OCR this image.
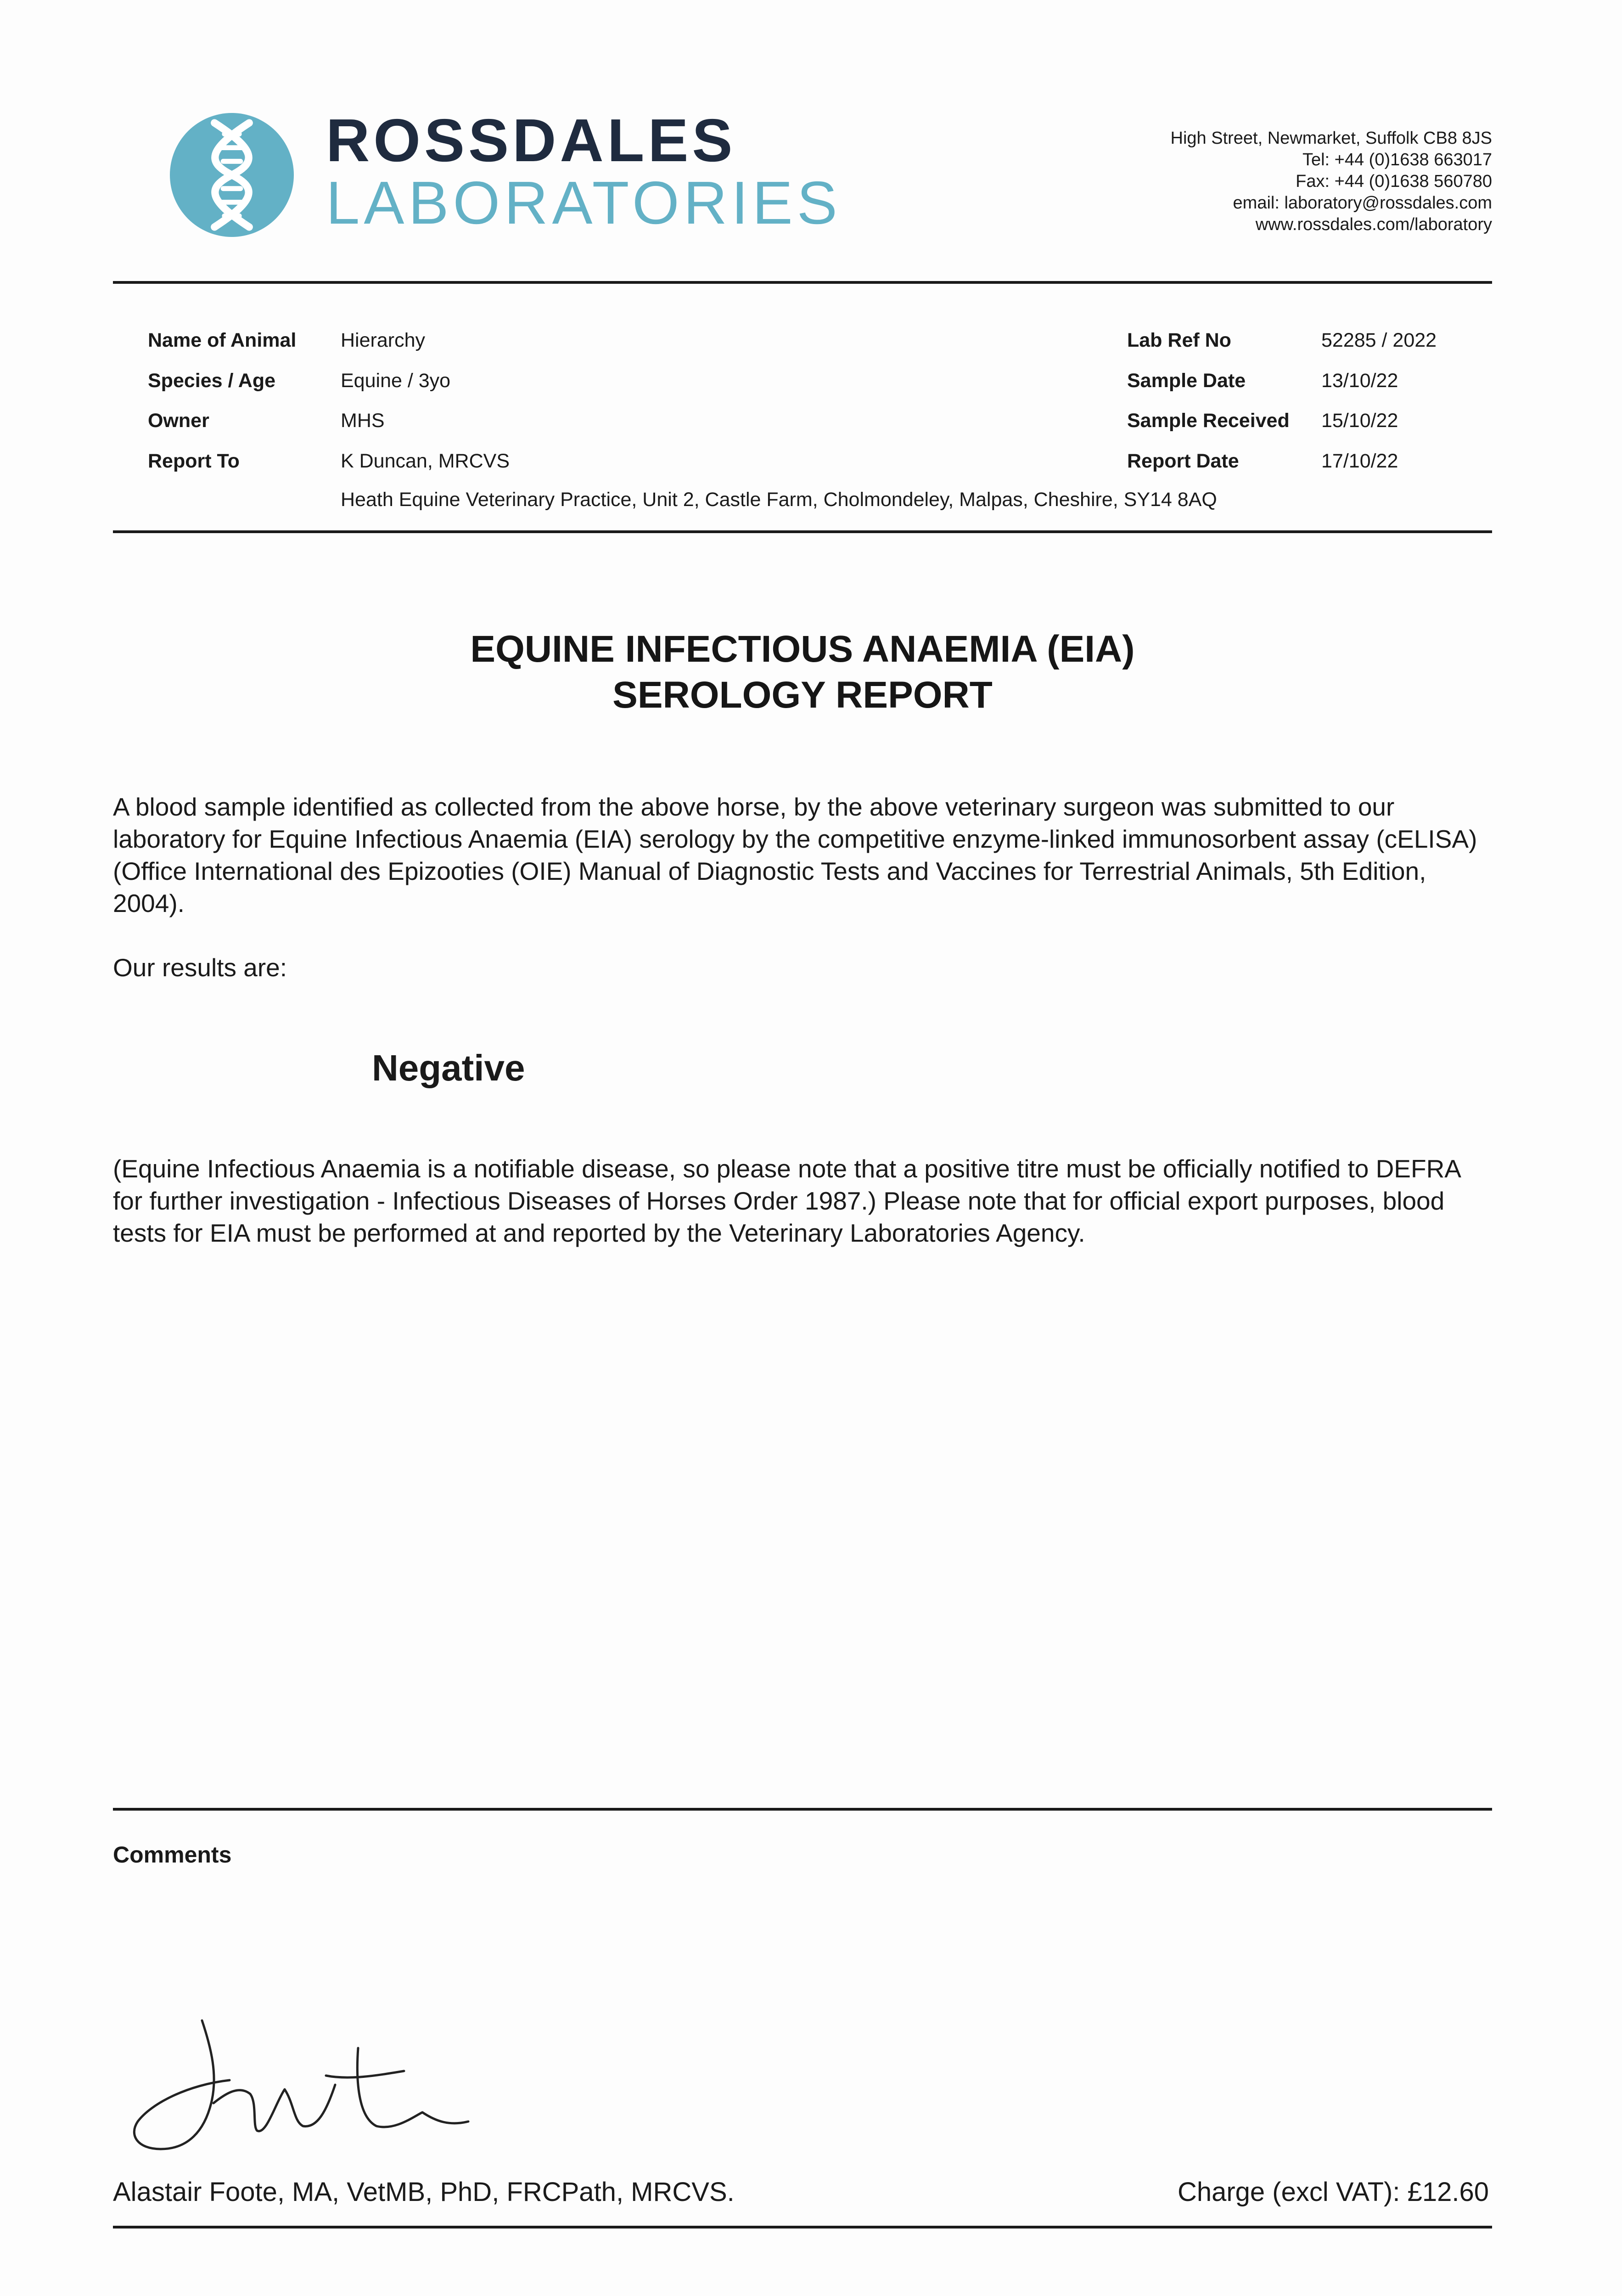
ROSSDALES
LABORATORIES
High Street, Newmarket, Suffolk CB8 8JS
Tel: +44 (0)1638 663017
Fax: +44 (0)1638 560780
email: laboratory@rossdales.com
www.rossdales.com/laboratory
Name of Animal Hierarchy
Species / Age	Equine / 3yo
Owner	MHS
Report To	K Duncan, MRCVS
Heath Equine Veterinary Practice, Unit 2, Castle Farm, Cholmondeley, Malpas, Cheshire, SY14 8AQ
Lab Ref No	52285 / 2022
Sample Date	13/10/22
Sample Received 15/10/22
Report Date	17/10/22
EQUINE INFECTIOUS ANAEMIA (EIA)
SEROLOGY REPORT
A blood sample identified as collected from the above horse, by the above veterinary surgeon was submitted to our laboratory for Equine Infectious Anaemia (EIA) serology by the competitive enzyme-linked immunosorbent assay (cELISA) (Office International des Epizooties (OIE) Manual of Diagnostic Tests and Vaccines for Terrestrial Animals, 5th Edition, 2004).
Our results are:
Negative
(Equine Infectious Anaemia is a notifiable disease, so please note that a positive titre must be officially notified to DEFRA for further investigation - Infectious Diseases of Horses Order 1987.) Please note that for official export purposes, blood tests for EIA must be performed at and reported by the Veterinary Laboratories Agency.
Comments
Alastair Foote, MA, VetMB, PhD, FRCPath, MRCVS.	Charge (excl VAT): £12.60
